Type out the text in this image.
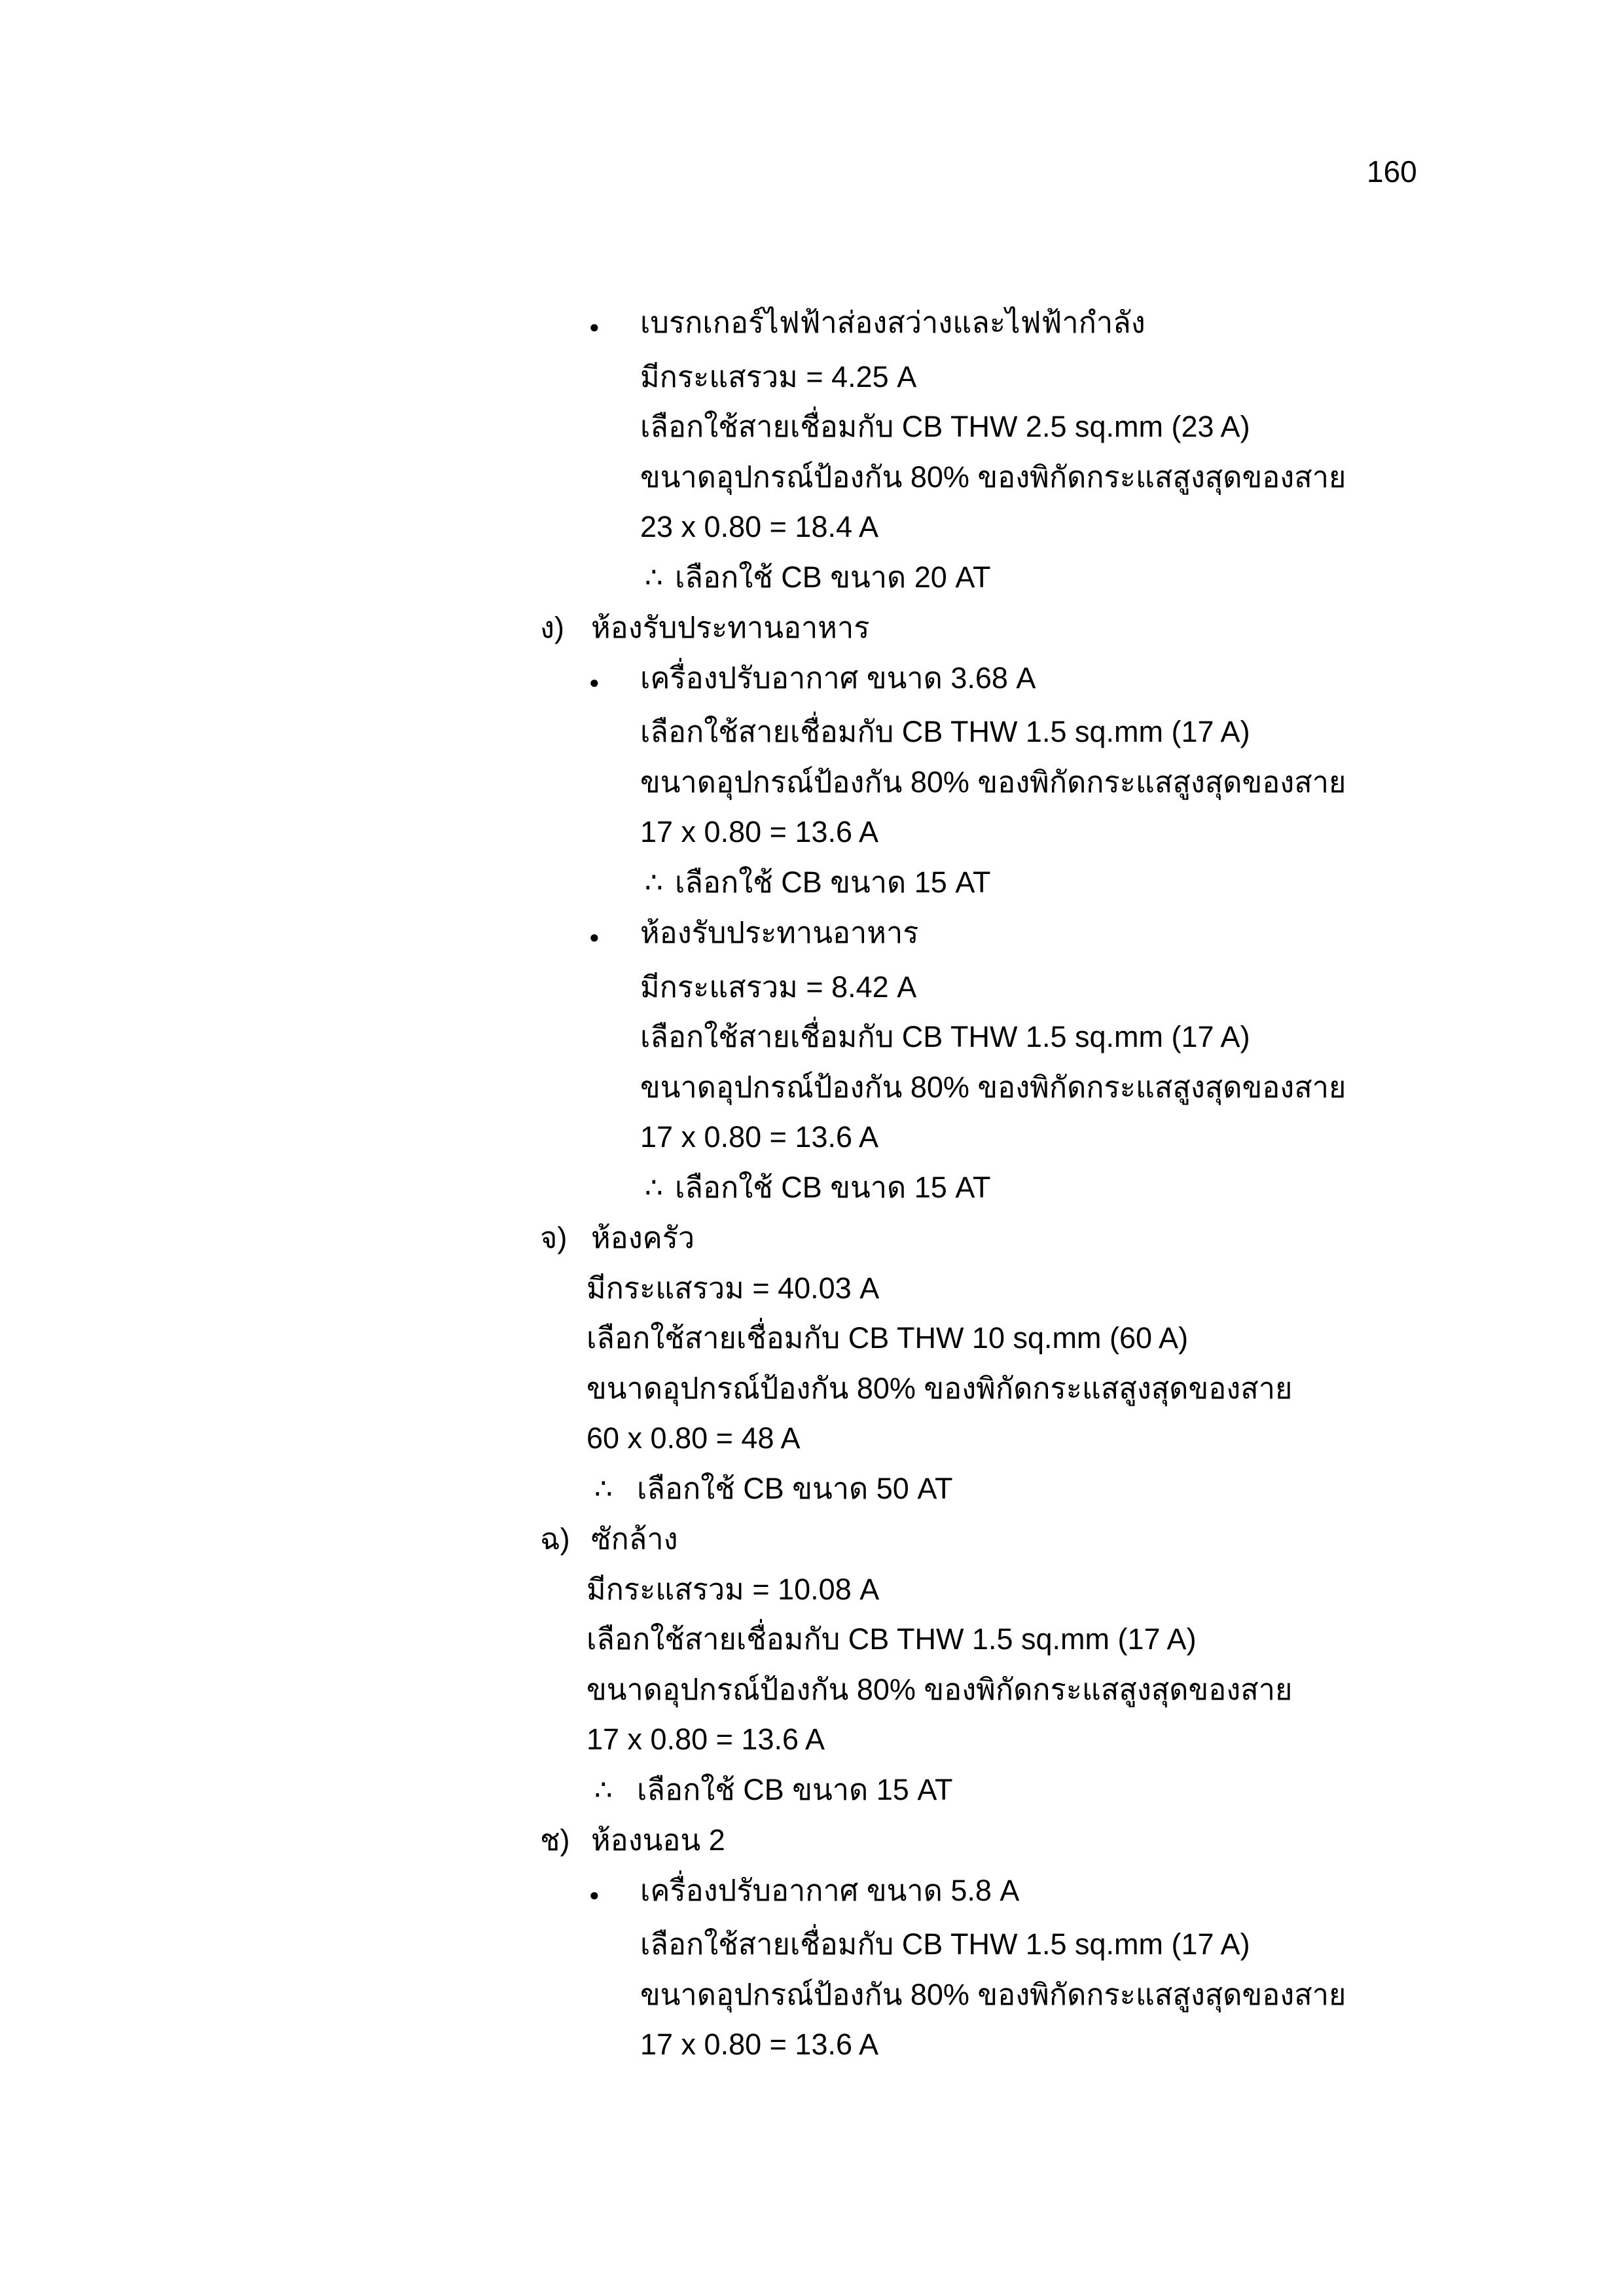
160
●	เบรกเกอร์ไฟฟ้าส่องสว่างและไฟฟ้ากำลัง
มีกระแสรวม = 4.25 A
เลือกใช้สายเชื่อมกับ CB THW 2.5 sq.mm (23 A)
ขนาดอุปกรณ์ป้องกัน 80% ของพิกัดกระแสสูงสุดของสาย
23 x 0.80 = 18.4 A
∴ เลือกใช้ CB ขนาด 20 AT
ง) ห้องรับประทานอาหาร
●	เครื่องปรับอากาศ ขนาด 3.68 A
เลือกใช้สายเชื่อมกับ CB THW 1.5 sq.mm (17 A)
ขนาดอุปกรณ์ป้องกัน 80% ของพิกัดกระแสสูงสุดของสาย
17 x 0.80 = 13.6 A
∴ เลือกใช้ CB ขนาด 15 AT
●	ห้องรับประทานอาหาร
มีกระแสรวม = 8.42 A
เลือกใช้สายเชื่อมกับ CB THW 1.5 sq.mm (17 A)
ขนาดอุปกรณ์ป้องกัน 80% ของพิกัดกระแสสูงสุดของสาย
17 x 0.80 = 13.6 A
∴ เลือกใช้ CB ขนาด 15 AT
จ) ห้องครัว
มีกระแสรวม = 40.03 A
เลือกใช้สายเชื่อมกับ CB THW 10 sq.mm (60 A)
ขนาดอุปกรณ์ป้องกัน 80% ของพิกัดกระแสสูงสุดของสาย
60 x 0.80 = 48 A
∴ เลือกใช้ CB ขนาด 50 AT
ฉ) ซักล้าง
มีกระแสรวม = 10.08 A
เลือกใช้สายเชื่อมกับ CB THW 1.5 sq.mm (17 A)
ขนาดอุปกรณ์ป้องกัน 80% ของพิกัดกระแสสูงสุดของสาย
17 x 0.80 = 13.6 A
∴ เลือกใช้ CB ขนาด 15 AT
ช) ห้องนอน 2
●	เครื่องปรับอากาศ ขนาด 5.8 A
เลือกใช้สายเชื่อมกับ CB THW 1.5 sq.mm (17 A)
ขนาดอุปกรณ์ป้องกัน 80% ของพิกัดกระแสสูงสุดของสาย
17 x 0.80 = 13.6 A
